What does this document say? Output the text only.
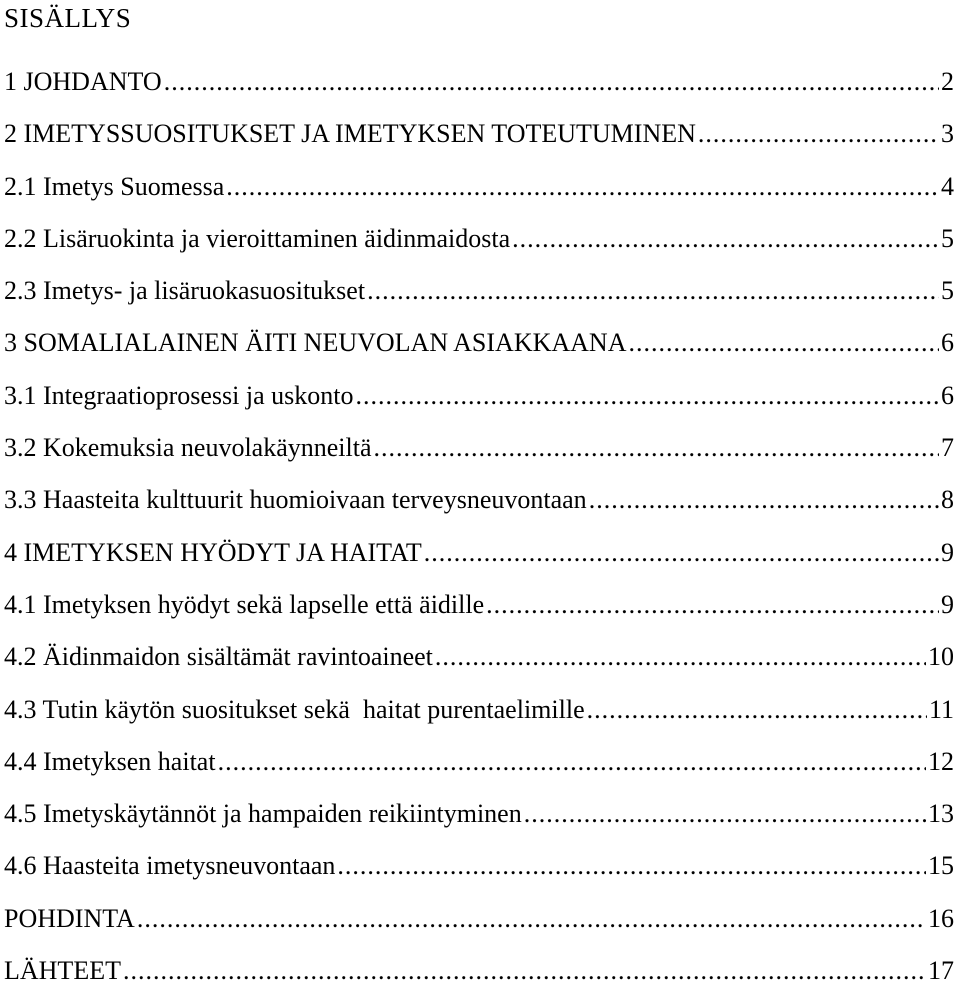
SISÄLLYS
1 JOHDANTO .....	2
2 IMETYSSUOSITUKSET JA IMETYKSEN TOTEUTUMINEN .....	3
2.1 Imetys Suomessa .....	4
2.2 Lisäruokinta ja vieroittaminen äidinmaidosta .....	5
2.3 Imetys- ja lisäruokasuositukset .....	5
3 SOMALIALAINEN ÄITI NEUVOLAN ASIAKKAANA .....	6
3.1 Integraatioprosessi ja uskonto .....	6
3.2 Kokemuksia neuvolakäynneiltä .....	7
3.3 Haasteita kulttuurit huomioivaan terveysneuvontaan .....	8
4 IMETYKSEN HYÖDYT JA HAITAT .....	9
4.1 Imetyksen hyödyt sekä lapselle että äidille .....	9
4.2 Äidinmaidon sisältämät ravintoaineet .....	10
4.3 Tutin käytön suositukset sekä  haitat purentaelimille .....	11
4.4 Imetyksen haitat .....	12
4.5 Imetyskäytännöt ja hampaiden reikiintyminen .....	13
4.6 Haasteita imetysneuvontaan .....	15
POHDINTA .....	16
LÄHTEET .....	17
